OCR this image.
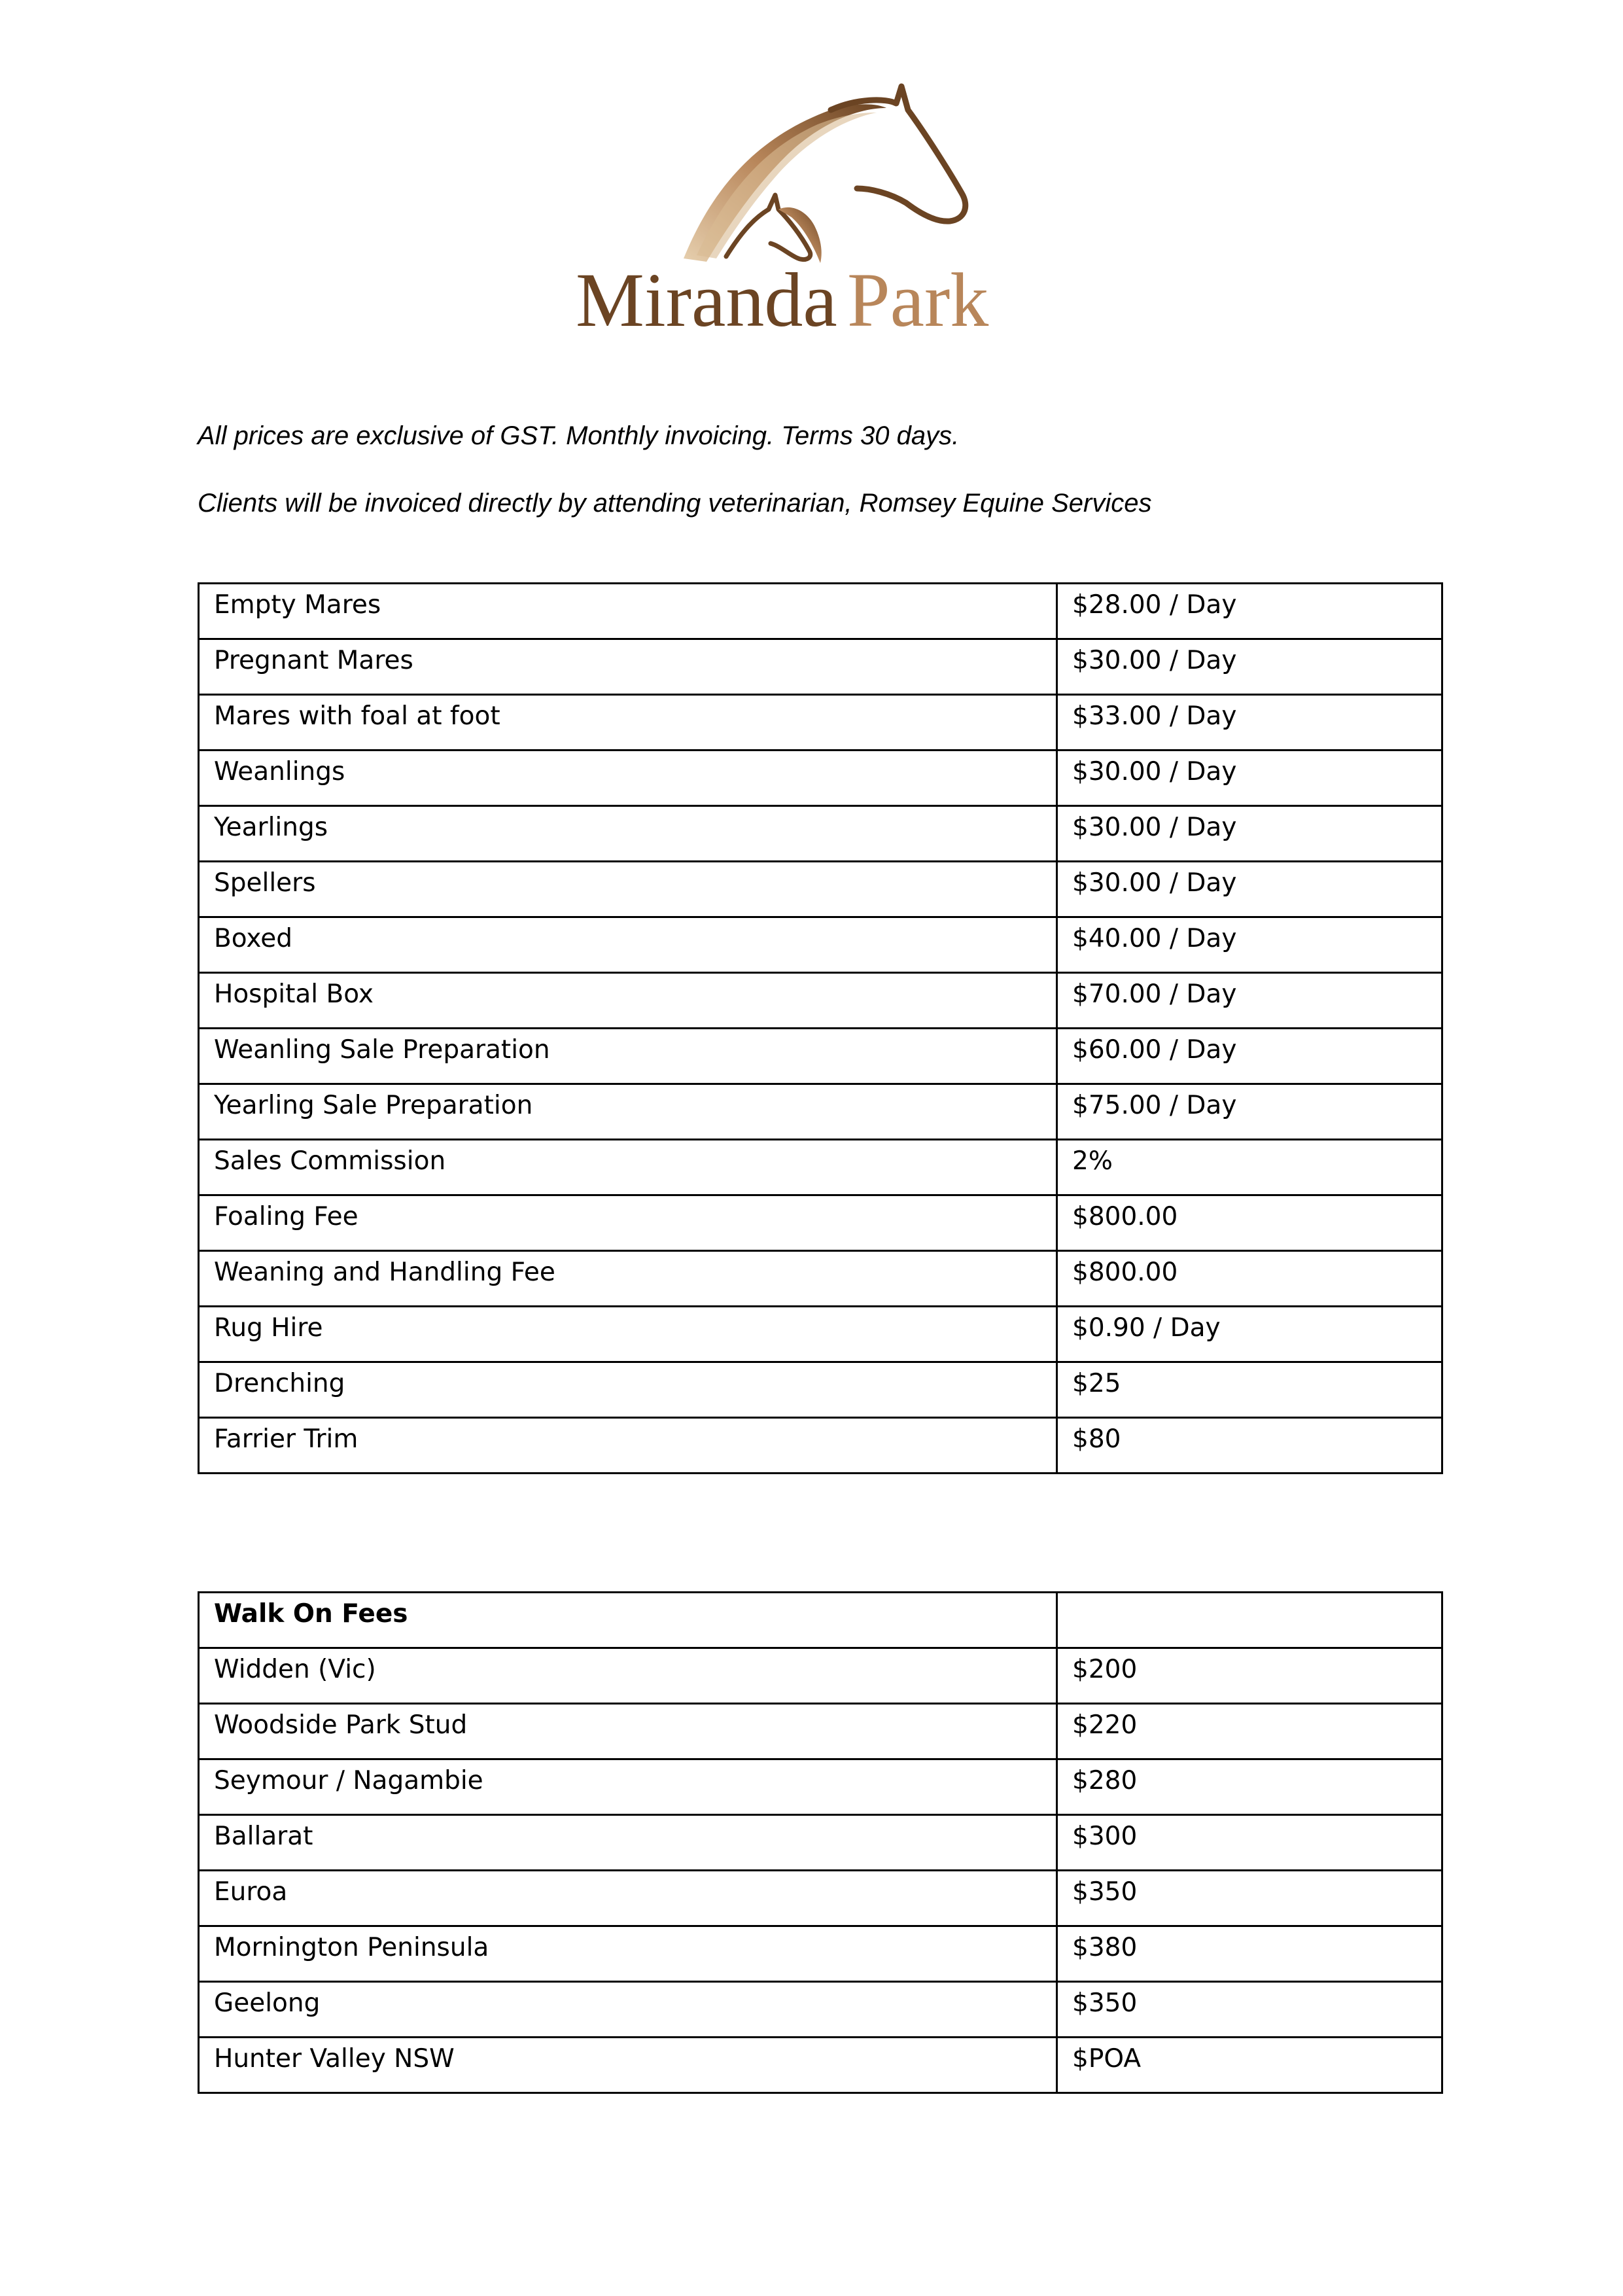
Miranda Park

All prices are exclusive of GST. Monthly invoicing. Terms 30 days.

Clients will be invoiced directly by attending veterinarian, Romsey Equine Services

Empty Mares	$28.00 / Day
Pregnant Mares	$30.00 / Day
Mares with foal at foot	$33.00 / Day
Weanlings	$30.00 / Day
Yearlings	$30.00 / Day
Spellers	$30.00 / Day
Boxed	$40.00 / Day
Hospital Box	$70.00 / Day
Weanling Sale Preparation	$60.00 / Day
Yearling Sale Preparation	$75.00 / Day
Sales Commission	2%
Foaling Fee	$800.00
Weaning and Handling Fee	$800.00
Rug Hire	$0.90 / Day
Drenching	$25
Farrier Trim	$80
Walk On Fees	
Widden (Vic)	$200
Woodside Park Stud	$220
Seymour / Nagambie	$280
Ballarat	$300
Euroa	$350
Mornington Peninsula	$380
Geelong	$350
Hunter Valley NSW	$POA
